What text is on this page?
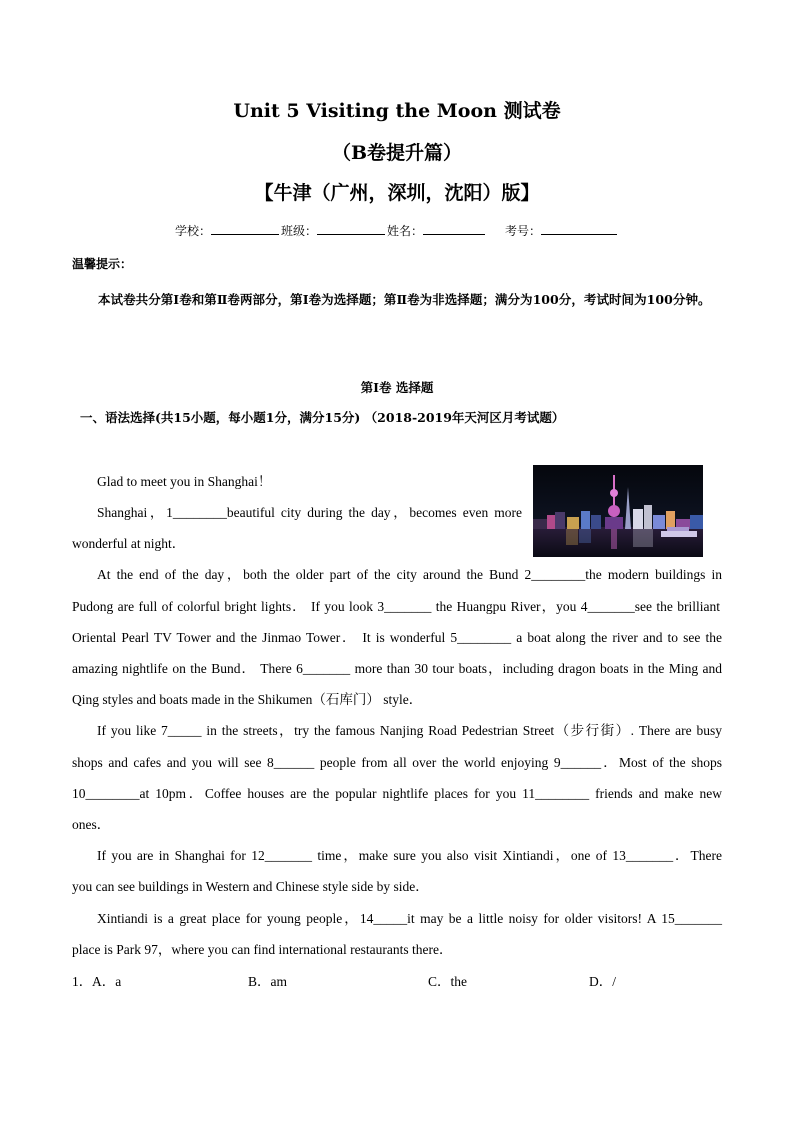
Unit 5 Visiting the Moon 测试卷
（B卷提升篇）
【牛津（广州，深圳，沈阳）版】
学校：	班级：	姓名：	考号：
温馨提示：
本试卷共分第Ⅰ卷和第Ⅱ卷两部分，第Ⅰ卷为选择题；第Ⅱ卷为非选择题；满分为100分，考试时间为100分钟。
第Ⅰ卷 选择题
一、语法选择(共15小题，每小题1分，满分15分) （2018-2019年天河区月考试题）
Glad to meet you in Shanghai！
Shanghai，1________beautiful city during the day，becomes even more
wonderful at night．
At the end of the day，both the older part of the city around the Bund 2________the modern buildings in
Pudong are full of colorful bright lights． If you look 3_______ the Huangpu River，you 4_______see the brilliant
Oriental Pearl TV Tower and the Jinmao Tower． It is wonderful 5________ a boat along the river and to see the
amazing nightlife on the Bund． There 6_______ more than 30 tour boats，including dragon boats in the Ming and
Qing styles and boats made in the Shikumen（石库门） style．
If you like 7_____ in the streets，try the famous Nanjing Road Pedestrian Street（步行街）. There are busy
shops and cafes and you will see 8______ people from all over the world enjoying 9______．Most of the shops
10________at 10pm．Coffee houses are the popular nightlife places for you 11________ friends and make new
ones．
If you are in Shanghai for 12_______ time，make sure you also visit Xintiandi，one of 13_______．There
you can see buildings in Western and Chinese style side by side．
Xintiandi is a great place for young people，14_____it may be a little noisy for older visitors! A 15_______
place is Park 97，where you can find international restaurants there．
1． A．a	B．am	C．the	D．/
